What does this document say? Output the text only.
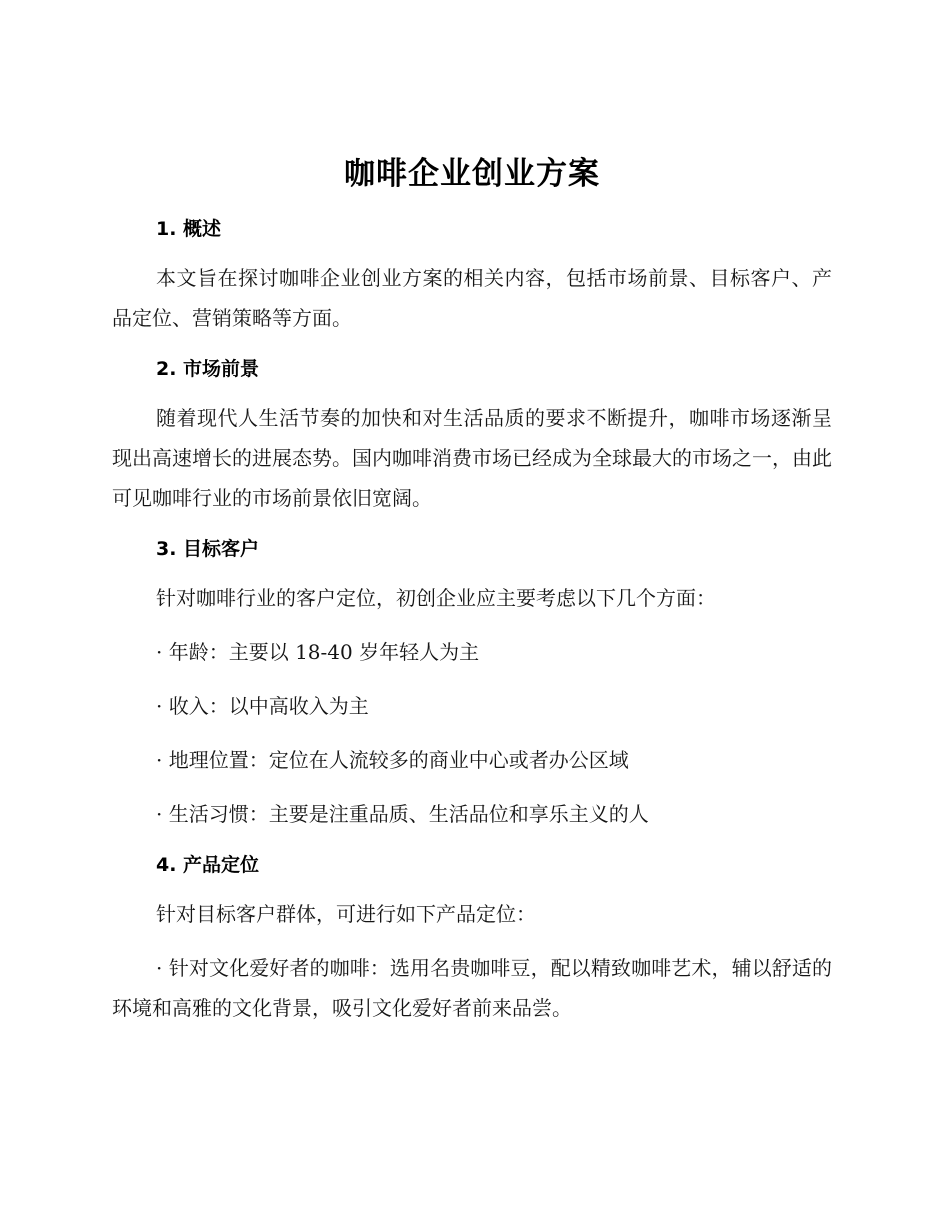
咖啡企业创业方案
1. 概述

本文旨在探讨咖啡企业创业方案的相关内容，包括市场前景、目标客户、产品定位、营销策略等方面。

2. 市场前景

随着现代人生活节奏的加快和对生活品质的要求不断提升，咖啡市场逐渐呈现出高速增长的进展态势。国内咖啡消费市场已经成为全球最大的市场之一，由此可见咖啡行业的市场前景依旧宽阔。

3. 目标客户

针对咖啡行业的客户定位，初创企业应主要考虑以下几个方面：

· 年龄：主要以 18-40 岁年轻人为主

· 收入：以中高收入为主

· 地理位置：定位在人流较多的商业中心或者办公区域

· 生活习惯：主要是注重品质、生活品位和享乐主义的人

4. 产品定位

针对目标客户群体，可进行如下产品定位：

· 针对文化爱好者的咖啡：选用名贵咖啡豆，配以精致咖啡艺术，辅以舒适的环境和高雅的文化背景，吸引文化爱好者前来品尝。
